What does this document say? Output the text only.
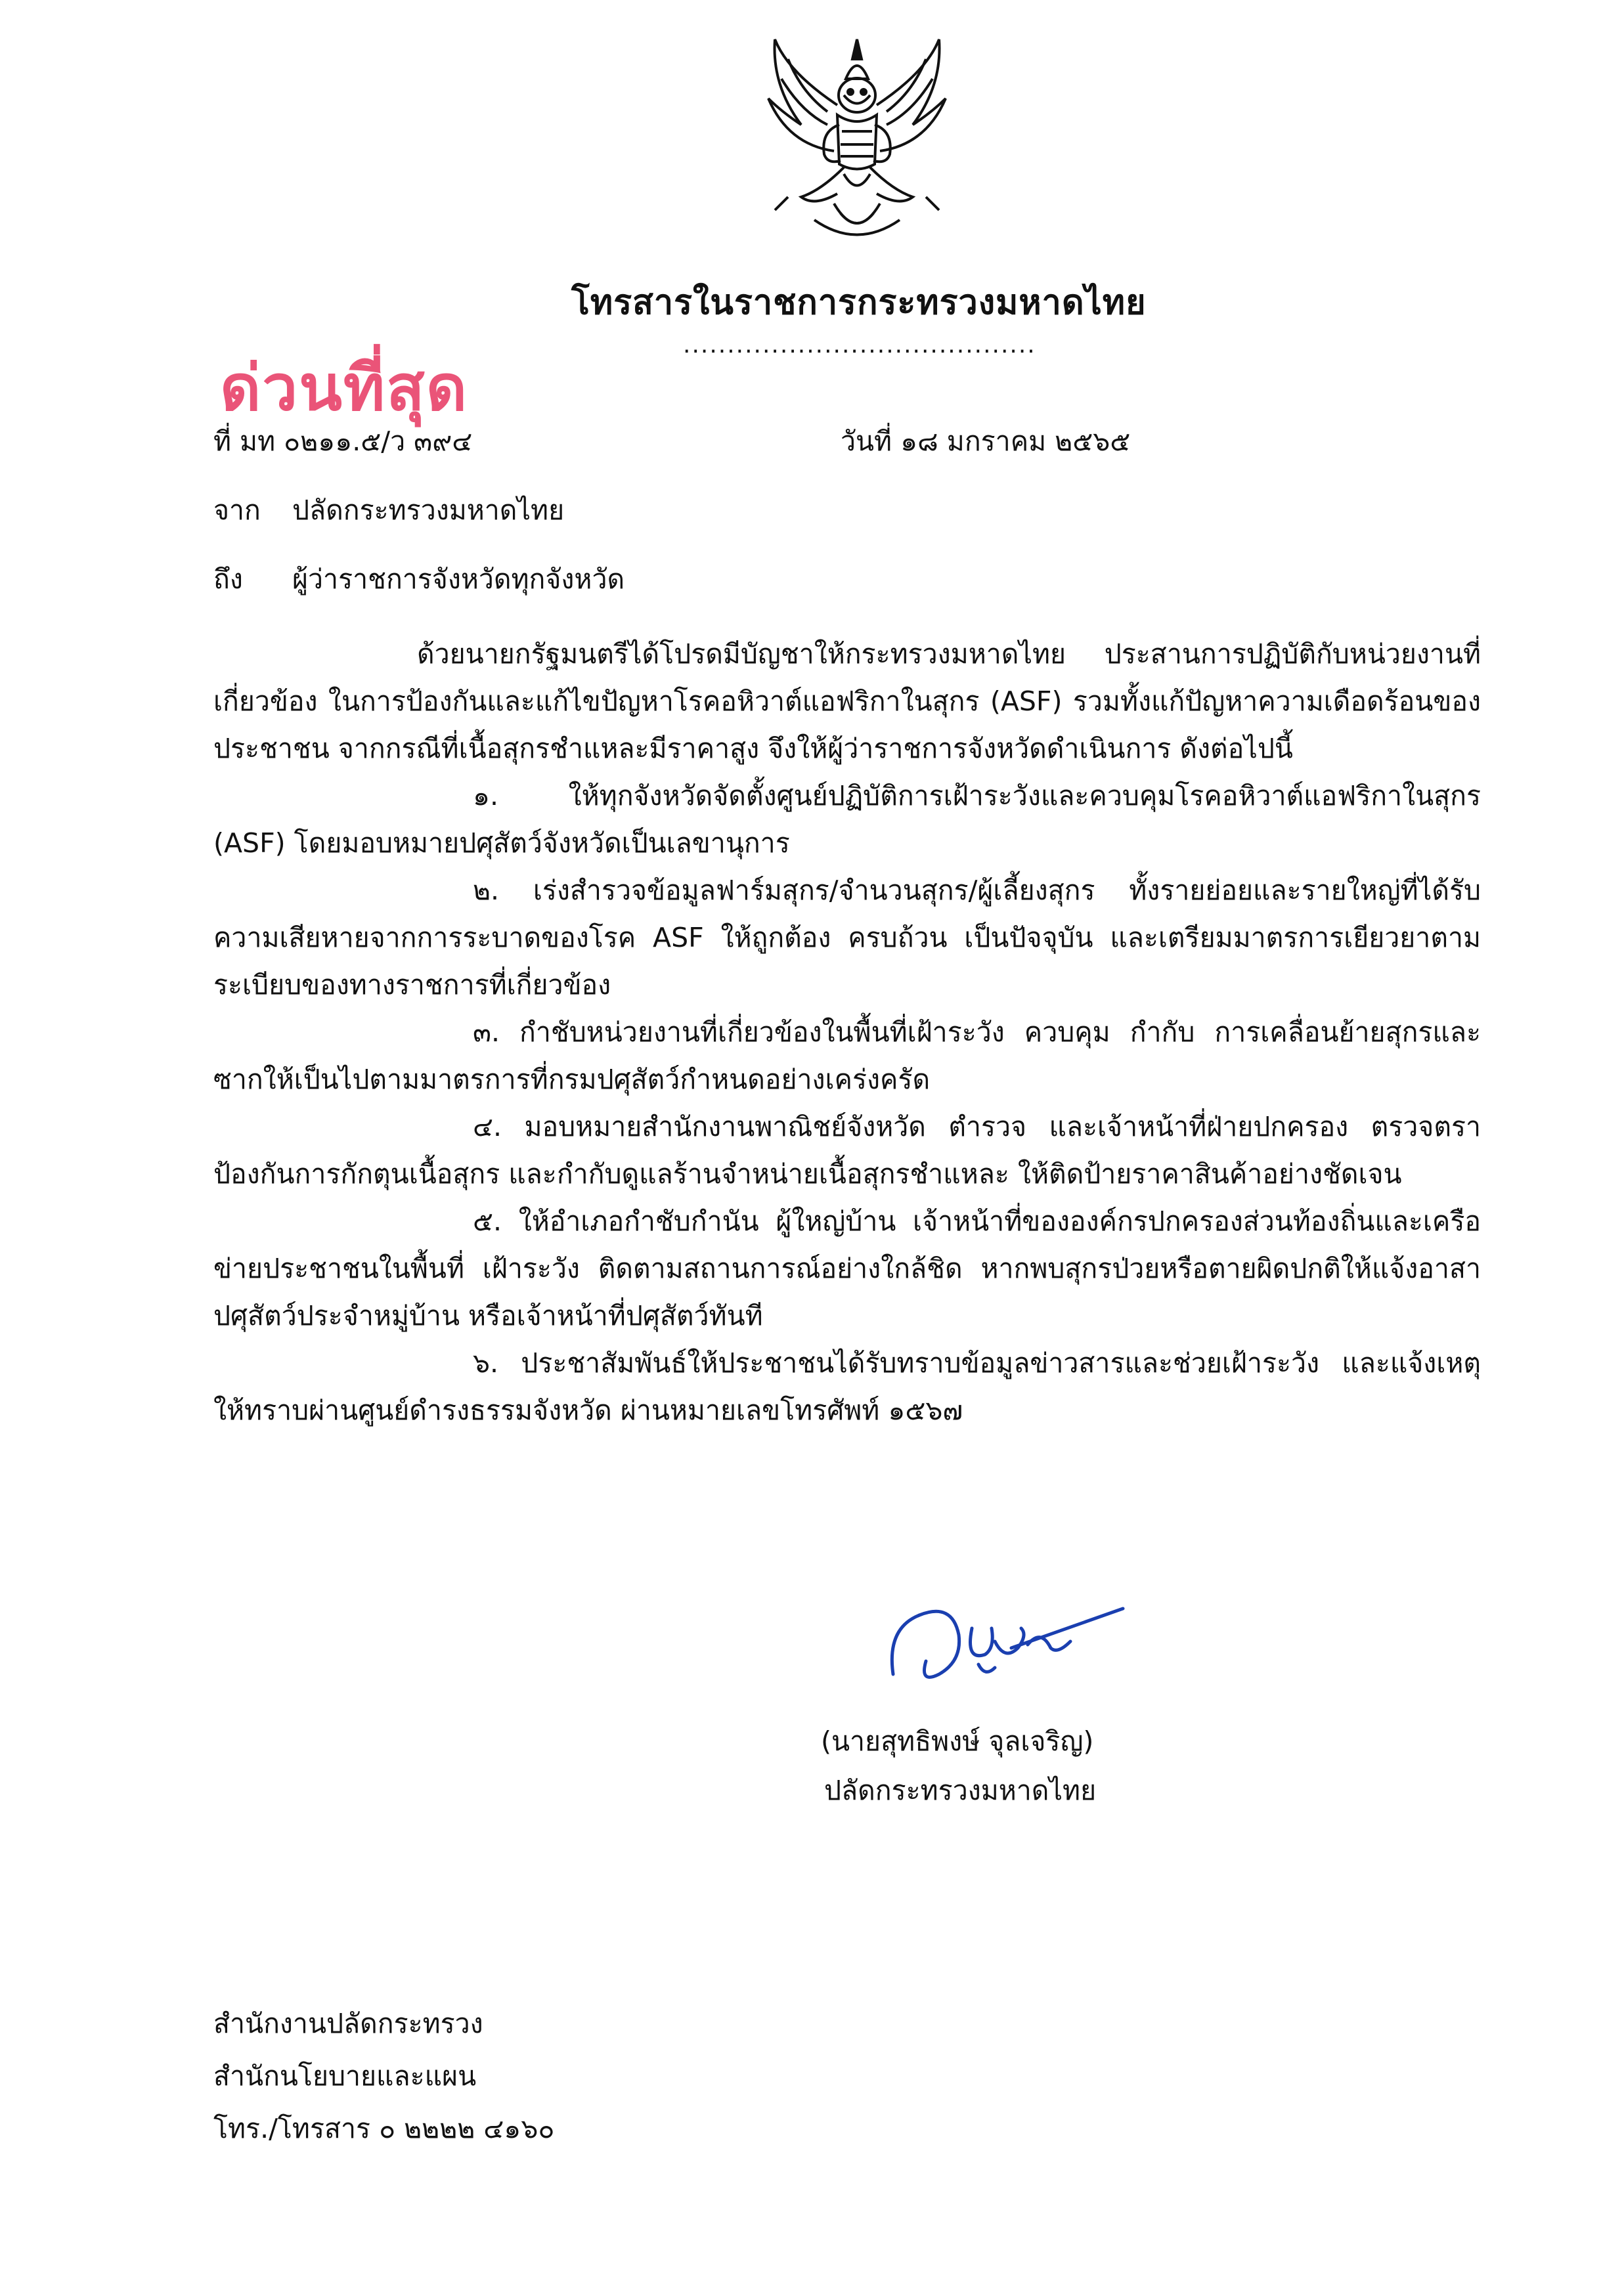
โทรสารในราชการกระทรวงมหาดไทย
........................................
ด่วนที่สุด
ที่ มท ๐๒๑๑.๕/ว ๓๙๔	วันที่ ๑๘ มกราคม ๒๕๖๕
จาก ปลัดกระทรวงมหาดไทย
ถึง ผู้ว่าราชการจังหวัดทุกจังหวัด

ด้วยนายกรัฐมนตรีได้โปรดมีบัญชาให้กระทรวงมหาดไทย ประสานการปฏิบัติกับหน่วยงานที่เกี่ยวข้อง ในการป้องกันและแก้ไขปัญหาโรคอหิวาต์แอฟริกาในสุกร (ASF) รวมทั้งแก้ปัญหาความเดือดร้อนของประชาชน จากกรณีที่เนื้อสุกรชำแหละมีราคาสูง จึงให้ผู้ว่าราชการจังหวัดดำเนินการ ดังต่อไปนี้

๑. ให้ทุกจังหวัดจัดตั้งศูนย์ปฏิบัติการเฝ้าระวังและควบคุมโรคอหิวาต์แอฟริกาในสุกร (ASF) โดยมอบหมายปศุสัตว์จังหวัดเป็นเลขานุการ

๒. เร่งสำรวจข้อมูลฟาร์มสุกร/จำนวนสุกร/ผู้เลี้ยงสุกร ทั้งรายย่อยและรายใหญ่ที่ได้รับความเสียหายจากการระบาดของโรค ASF ให้ถูกต้อง ครบถ้วน เป็นปัจจุบัน และเตรียมมาตรการเยียวยาตามระเบียบของทางราชการที่เกี่ยวข้อง

๓. กำชับหน่วยงานที่เกี่ยวข้องในพื้นที่เฝ้าระวัง ควบคุม กำกับ การเคลื่อนย้ายสุกรและซากให้เป็นไปตามมาตรการที่กรมปศุสัตว์กำหนดอย่างเคร่งครัด

๔. มอบหมายสำนักงานพาณิชย์จังหวัด ตำรวจ และเจ้าหน้าที่ฝ่ายปกครอง ตรวจตราป้องกันการกักตุนเนื้อสุกร และกำกับดูแลร้านจำหน่ายเนื้อสุกรชำแหละ ให้ติดป้ายราคาสินค้าอย่างชัดเจน

๕. ให้อำเภอกำชับกำนัน ผู้ใหญ่บ้าน เจ้าหน้าที่ขององค์กรปกครองส่วนท้องถิ่นและเครือข่ายประชาชนในพื้นที่ เฝ้าระวัง ติดตามสถานการณ์อย่างใกล้ชิด หากพบสุกรป่วยหรือตายผิดปกติให้แจ้งอาสาปศุสัตว์ประจำหมู่บ้าน หรือเจ้าหน้าที่ปศุสัตว์ทันที

๖. ประชาสัมพันธ์ให้ประชาชนได้รับทราบข้อมูลข่าวสารและช่วยเฝ้าระวัง และแจ้งเหตุให้ทราบผ่านศูนย์ดำรงธรรมจังหวัด ผ่านหมายเลขโทรศัพท์ ๑๕๖๗

(นายสุทธิพงษ์ จุลเจริญ)
ปลัดกระทรวงมหาดไทย
สำนักงานปลัดกระทรวง
สำนักนโยบายและแผน
โทร./โทรสาร ๐ ๒๒๒๒ ๔๑๖๐
